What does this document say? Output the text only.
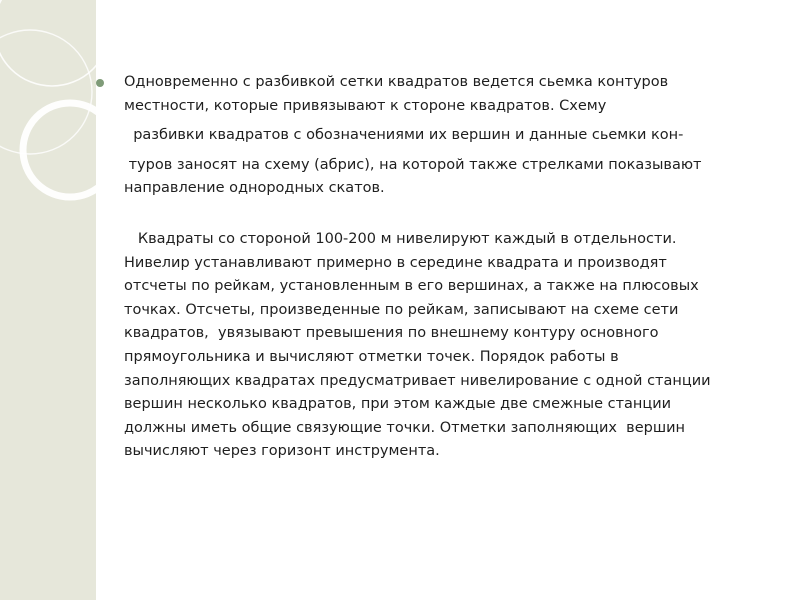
Одновременно с разбивкой сетки квадратов ведется сьемка контуров
местности, которые привязывают к стороне квадратов. Схему
разбивки квадратов с обозначениями их вершин и данные сьемки кон-
туров заносят на схему (абрис), на которой также стрелками показывают
направление однородных скатов.

Квадраты со стороной 100-200 м нивелируют каждый в отдельности.
Нивелир устанавливают примерно в середине квадрата и производят
отсчеты по рейкам, установленным в его вершинах, а также на плюсовых
точках. Отсчеты, произведенные по рейкам, записывают на схеме сети
квадратов,  увязывают превышения по внешнему контуру основного
прямоугольника и вычисляют отметки точек. Порядок работы в
заполняющих квадратах предусматривает нивелирование с одной станции
вершин несколько квадратов, при этом каждые две смежные станции
должны иметь общие связующие точки. Отметки заполняющих  вершин
вычисляют через горизонт инструмента.
